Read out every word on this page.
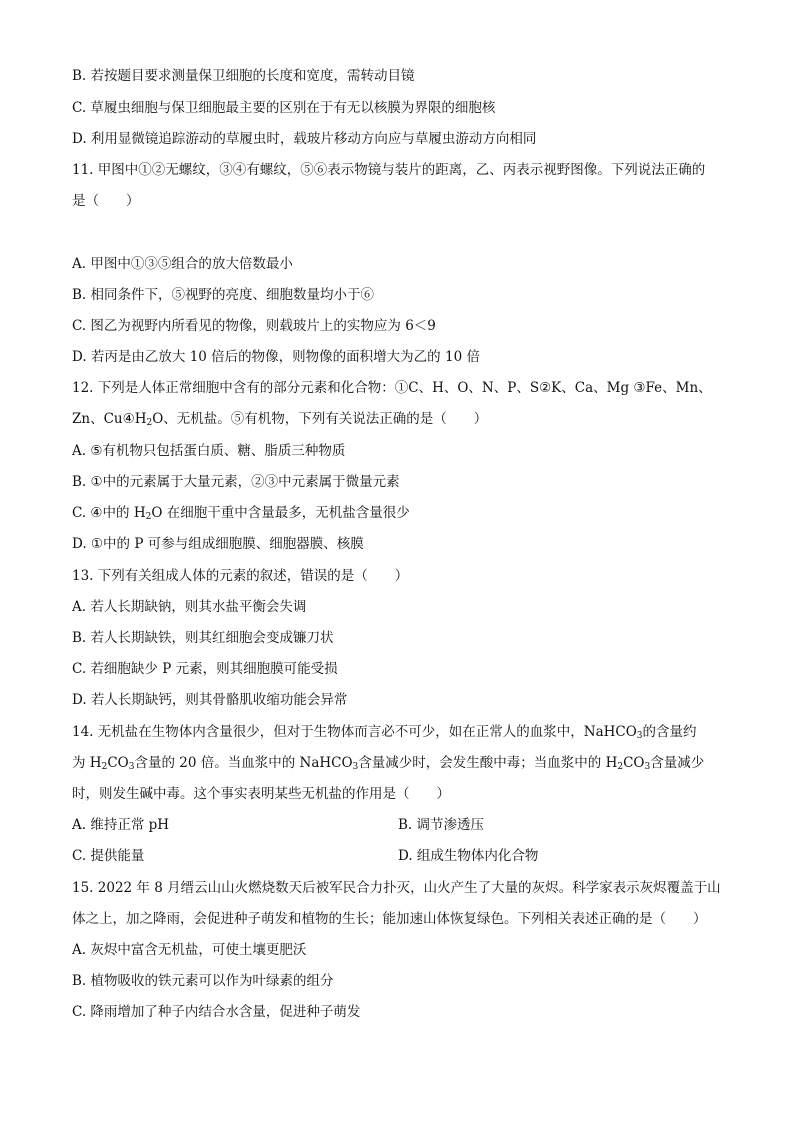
B. 若按题目要求测量保卫细胞的长度和宽度，需转动目镜
C. 草履虫细胞与保卫细胞最主要的区别在于有无以核膜为界限的细胞核
D. 利用显微镜追踪游动的草履虫时，载玻片移动方向应与草履虫游动方向相同
11. 甲图中①②无螺纹，③④有螺纹，⑤⑥表示物镜与装片的距离，乙、丙表示视野图像。下列说法正确的
是（　　）
A. 甲图中①③⑤组合的放大倍数最小
B. 相同条件下，⑤视野的亮度、细胞数量均小于⑥
C. 图乙为视野内所看见的物像，则载玻片上的实物应为 6＜9
D. 若丙是由乙放大 10 倍后的物像，则物像的面积增大为乙的 10 倍
12. 下列是人体正常细胞中含有的部分元素和化合物：①C、H、O、N、P、S②K、Ca、Mg ③Fe、Mn、
Zn、$Cu④H_2O$、无机盐。⑤有机物，下列有关说法正确的是（　　）
A. ⑤有机物只包括蛋白质、糖、脂质三种物质
B. ①中的元素属于大量元素，②③中元素属于微量元素
C. ④中的 $H_2O$ 在细胞干重中含量最多，无机盐含量很少
D. ①中的 P 可参与组成细胞膜、细胞器膜、核膜
13. 下列有关组成人体的元素的叙述，错误的是（　　）
A. 若人长期缺钠，则其水盐平衡会失调
B. 若人长期缺铁，则其红细胞会变成镰刀状
C. 若细胞缺少 P 元素，则其细胞膜可能受损
D. 若人长期缺钙，则其骨骼肌收缩功能会异常
14. 无机盐在生物体内含量很少，但对于生物体而言必不可少，如在正常人的血浆中，NaHCO$_3$的含量约
为 $H_2CO_3$含量的 20 倍。当血浆中的 NaHCO$_3$含量减少时，会发生酸中毒；当血浆中的 $H_2CO_3$含量减少
时，则发生碱中毒。这个事实表明某些无机盐的作用是（　　）
A. 维持正常 pH	B. 调节渗透压
C. 提供能量	D. 组成生物体内化合物
15. 2022 年 8 月缙云山山火燃烧数天后被军民合力扑灭，山火产生了大量的灰烬。科学家表示灰烬覆盖于山
体之上，加之降雨，会促进种子萌发和植物的生长；能加速山体恢复绿色。下列相关表述正确的是（　　）
A. 灰烬中富含无机盐，可使土壤更肥沃
B. 植物吸收的铁元素可以作为叶绿素的组分
C. 降雨增加了种子内结合水含量，促进种子萌发
